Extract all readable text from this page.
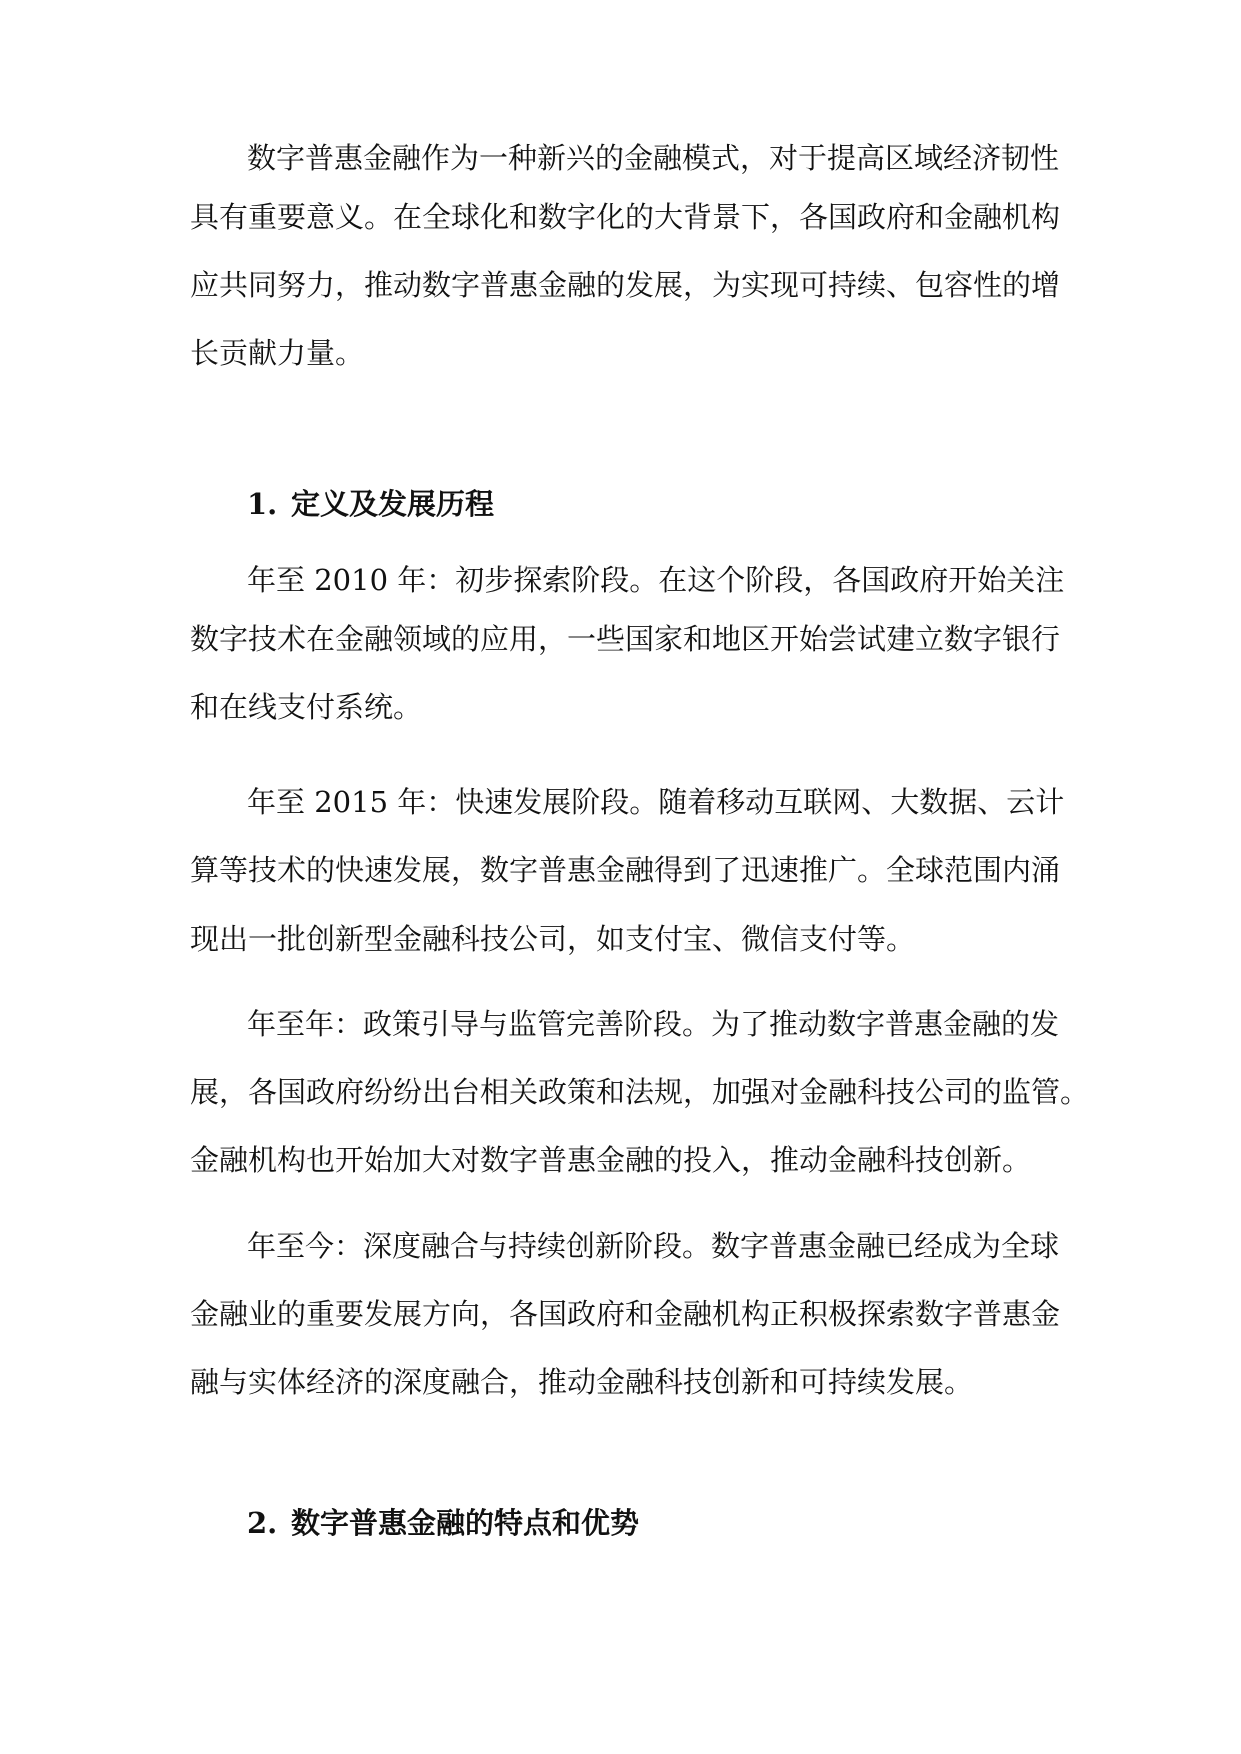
数字普惠金融作为一种新兴的金融模式，对于提高区域经济韧性
具有重要意义。在全球化和数字化的大背景下，各国政府和金融机构
应共同努力，推动数字普惠金融的发展，为实现可持续、包容性的增
长贡献力量。
1. 定义及发展历程
年至 2010 年：初步探索阶段。在这个阶段，各国政府开始关注
数字技术在金融领域的应用，一些国家和地区开始尝试建立数字银行
和在线支付系统。
年至 2015 年：快速发展阶段。随着移动互联网、大数据、云计
算等技术的快速发展，数字普惠金融得到了迅速推广。全球范围内涌
现出一批创新型金融科技公司，如支付宝、微信支付等。
年至年：政策引导与监管完善阶段。为了推动数字普惠金融的发
展，各国政府纷纷出台相关政策和法规，加强对金融科技公司的监管。
金融机构也开始加大对数字普惠金融的投入，推动金融科技创新。
年至今：深度融合与持续创新阶段。数字普惠金融已经成为全球
金融业的重要发展方向，各国政府和金融机构正积极探索数字普惠金
融与实体经济的深度融合，推动金融科技创新和可持续发展。
2. 数字普惠金融的特点和优势
